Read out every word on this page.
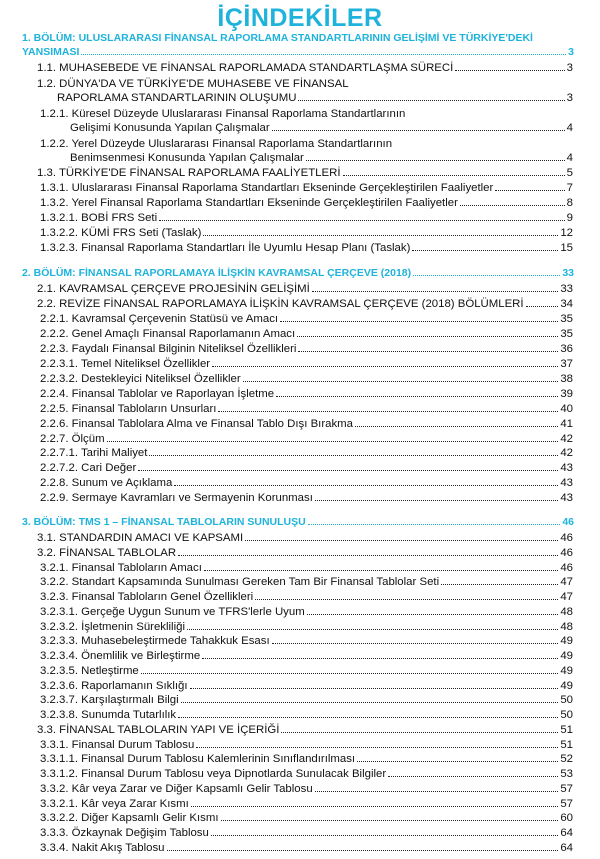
İÇİNDEKİLER
1. BÖLÜM: ULUSLARARASI FİNANSAL RAPORLAMA STANDARTLARININ GELİŞİMİ VE TÜRKİYE'DEKİ
YANSIMASI	3
1.1. MUHASEBEDE VE FİNANSAL RAPORLAMADA STANDARTLAŞMA SÜRECİ	3
1.2. DÜNYA'DA VE TÜRKİYE'DE MUHASEBE VE FİNANSAL
RAPORLAMA STANDARTLARININ OLUŞUMU	3
1.2.1. Küresel Düzeyde Uluslararası Finansal Raporlama Standartlarının
Gelişimi Konusunda Yapılan Çalışmalar	4
1.2.2. Yerel Düzeyde Uluslararası Finansal Raporlama Standartlarının
Benimsenmesi Konusunda Yapılan Çalışmalar	4
1.3. TÜRKİYE'DE FİNANSAL RAPORLAMA FAALİYETLERİ	5
1.3.1. Uluslararası Finansal Raporlama Standartları Ekseninde Gerçekleştirilen Faaliyetler	7
1.3.2. Yerel Finansal Raporlama Standartları Ekseninde Gerçekleştirilen Faaliyetler	8
1.3.2.1. BOBİ FRS Seti	9
1.3.2.2. KÜMİ FRS Seti (Taslak)	12
1.3.2.3. Finansal Raporlama Standartları İle Uyumlu Hesap Planı (Taslak)	15
2. BÖLÜM: FİNANSAL RAPORLAMAYA İLİŞKİN KAVRAMSAL ÇERÇEVE (2018)	33
2.1. KAVRAMSAL ÇERÇEVE PROJESİNİN GELİŞİMİ	33
2.2. REVİZE FİNANSAL RAPORLAMAYA İLİŞKİN KAVRAMSAL ÇERÇEVE (2018) BÖLÜMLERİ	34
2.2.1. Kavramsal Çerçevenin Statüsü ve Amacı	35
2.2.2. Genel Amaçlı Finansal Raporlamanın Amacı	35
2.2.3. Faydalı Finansal Bilginin Niteliksel Özellikleri	36
2.2.3.1. Temel Niteliksel Özellikler	37
2.2.3.2. Destekleyici Niteliksel Özellikler	38
2.2.4. Finansal Tablolar ve Raporlayan İşletme	39
2.2.5. Finansal Tabloların Unsurları	40
2.2.6. Finansal Tablolara Alma ve Finansal Tablo Dışı Bırakma	41
2.2.7. Ölçüm	42
2.2.7.1. Tarihi Maliyet	42
2.2.7.2. Cari Değer	43
2.2.8. Sunum ve Açıklama	43
2.2.9. Sermaye Kavramları ve Sermayenin Korunması	43
3. BÖLÜM: TMS 1 – FİNANSAL TABLOLARIN SUNULUŞU	46
3.1. STANDARDIN AMACI VE KAPSAMI	46
3.2. FİNANSAL TABLOLAR	46
3.2.1. Finansal Tabloların Amacı	46
3.2.2. Standart Kapsamında Sunulması Gereken Tam Bir Finansal Tablolar Seti	47
3.2.3. Finansal Tabloların Genel Özellikleri	47
3.2.3.1. Gerçeğe Uygun Sunum ve TFRS'lerle Uyum	48
3.2.3.2. İşletmenin Sürekliliği	48
3.2.3.3. Muhasebeleştirmede Tahakkuk Esası	49
3.2.3.4. Önemlilik ve Birleştirme	49
3.2.3.5. Netleştirme	49
3.2.3.6. Raporlamanın Sıklığı	49
3.2.3.7. Karşılaştırmalı Bilgi	50
3.2.3.8. Sunumda Tutarlılık	50
3.3. FİNANSAL TABLOLARIN YAPI VE İÇERİĞİ	51
3.3.1. Finansal Durum Tablosu	51
3.3.1.1. Finansal Durum Tablosu Kalemlerinin Sınıflandırılması	52
3.3.1.2. Finansal Durum Tablosu veya Dipnotlarda Sunulacak Bilgiler	53
3.3.2. Kâr veya Zarar ve Diğer Kapsamlı Gelir Tablosu	57
3.3.2.1. Kâr veya Zarar Kısmı	57
3.3.2.2. Diğer Kapsamlı Gelir Kısmı	60
3.3.3. Özkaynak Değişim Tablosu	64
3.3.4. Nakit Akış Tablosu	64
